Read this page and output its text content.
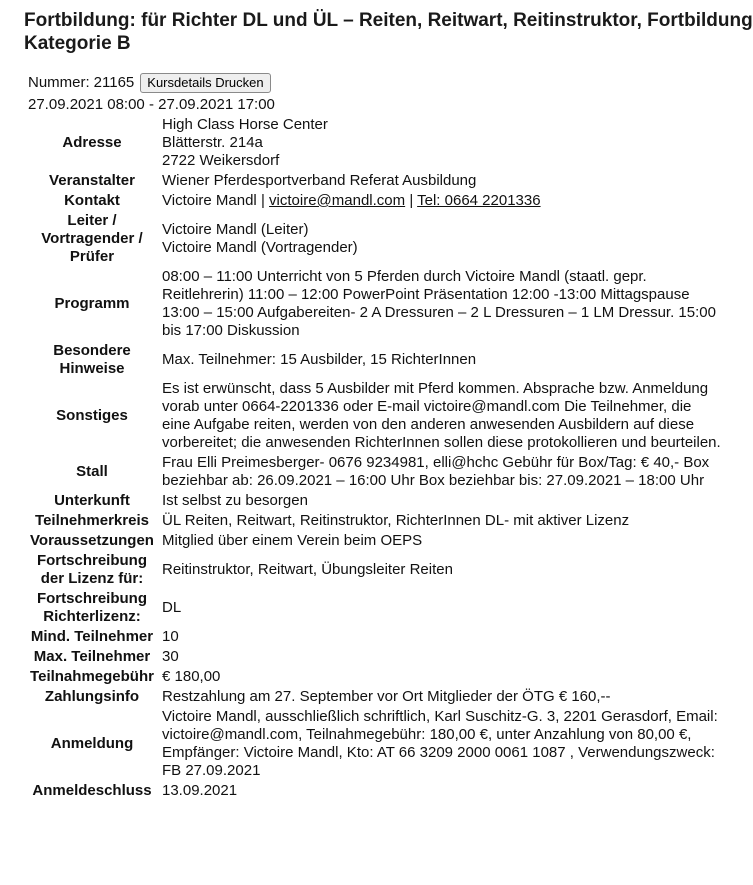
Fortbildung: für Richter DL und ÜL – Reiten, Reitwart, Reitinstruktor, Fortbildung Kategorie B
Nummer: 21165	Kursdetails Drucken
27.09.2021 08:00 - 27.09.2021 17:00
Adresse	High Class Horse Center
Blätterstr. 214a
2722 Weikersdorf

Veranstalter	Wiener Pferdesportverband Referat Ausbildung
Kontakt	Victoire Mandl | victoire@mandl.com | Tel: 0664 2201336
Leiter / Vortragender / Prüfer	Victoire Mandl (Leiter)
Victoire Mandl (Vortragender)

Programm	08:00 – 11:00 Unterricht von 5 Pferden durch Victoire Mandl (staatl. gepr. Reitlehrerin) 11:00 – 12:00 PowerPoint Präsentation 12:00 -13:00 Mittagspause 13:00 – 15:00 Aufgabereiten- 2 A Dressuren – 2 L Dressuren – 1 LM Dressur. 15:00 bis 17:00 Diskussion
Besondere Hinweise	Max. Teilnehmer: 15 Ausbilder, 15 RichterInnen
Sonstiges	Es ist erwünscht, dass 5 Ausbilder mit Pferd kommen. Absprache bzw. Anmeldung vorab unter 0664-2201336 oder E-mail victoire@mandl.com Die Teilnehmer, die eine Aufgabe reiten, werden von den anderen anwesenden Ausbildern auf diese vorbereitet; die anwesenden RichterInnen sollen diese protokollieren und beurteilen.
Stall	Frau Elli Preimesberger- 0676 9234981, elli@hchc Gebühr für Box/Tag: € 40,- Box beziehbar ab: 26.09.2021 – 16:00 Uhr Box beziehbar bis: 27.09.2021 – 18:00 Uhr
Unterkunft	Ist selbst zu besorgen
Teilnehmerkreis	ÜL Reiten, Reitwart, Reitinstruktor, RichterInnen DL- mit aktiver Lizenz
Voraussetzungen	Mitglied über einem Verein beim OEPS
Fortschreibung der Lizenz für:	Reitinstruktor, Reitwart, Übungsleiter Reiten
Fortschreibung Richterlizenz:	DL
Mind. Teilnehmer	10
Max. Teilnehmer	30
Teilnahmegebühr	€ 180,00
Zahlungsinfo	Restzahlung am 27. September vor Ort Mitglieder der ÖTG € 160,--
Anmeldung	Victoire Mandl, ausschließlich schriftlich, Karl Suschitz-G. 3, 2201 Gerasdorf, Email: victoire@mandl.com, Teilnahmegebühr: 180,00 €, unter Anzahlung von 80,00 €, Empfänger: Victoire Mandl, Kto: AT 66 3209 2000 0061 1087 , Verwendungszweck: FB 27.09.2021
Anmeldeschluss	13.09.2021
